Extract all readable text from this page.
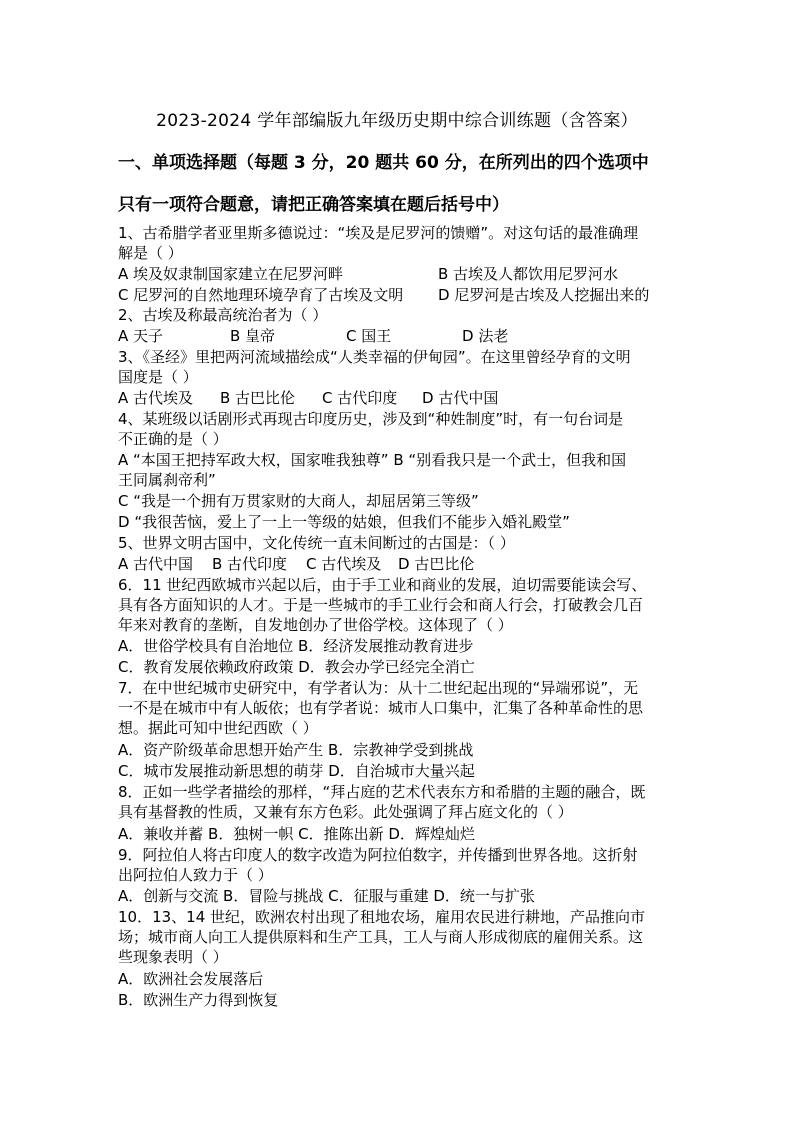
2023-2024 学年部编版九年级历史期中综合训练题（含答案）
一、单项选择题（每题 3 分，20 题共 60 分，在所列出的四个选项中
只有一项符合题意，请把正确答案填在题后括号中）
1、古希腊学者亚里斯多德说过：“埃及是尼罗河的馈赠”。对这句话的最准确理
解是（ ）
A 埃及奴隶制国家建立在尼罗河畔	B 古埃及人都饮用尼罗河水
C 尼罗河的自然地理环境孕育了古埃及文明 D 尼罗河是古埃及人挖掘出来的
2、古埃及称最高统治者为（ ）
A 天子	B 皇帝	C 国王	D 法老
3、《圣经》里把两河流域描绘成“人类幸福的伊甸园”。在这里曾经孕育的文明
国度是（ ）
A 古代埃及 B 古巴比伦 C 古代印度 D 古代中国
4、某班级以话剧形式再现古印度历史，涉及到“种姓制度”时，有一句台词是
不正确的是（ ）
A “本国王把持军政大权，国家唯我独尊” B “别看我只是一个武士，但我和国
王同属刹帝利”
C “我是一个拥有万贯家财的大商人，却屈居第三等级”
D “我很苦恼，爱上了一上一等级的姑娘，但我们不能步入婚礼殿堂”
5、世界文明古国中，文化传统一直未间断过的古国是：（ ）
A 古代中国 B 古代印度 C 古代埃及 D 古巴比伦
6．11 世纪西欧城市兴起以后，由于手工业和商业的发展，迫切需要能读会写、
具有各方面知识的人才。于是一些城市的手工业行会和商人行会，打破教会几百
年来对教育的垄断，自发地创办了世俗学校。这体现了（ ）
A．世俗学校具有自治地位 B．经济发展推动教育进步
C．教育发展依赖政府政策 D．教会办学已经完全消亡
7．在中世纪城市史研究中，有学者认为：从十二世纪起出现的“异端邪说”，无
一不是在城市中有人皈依；也有学者说：城市人口集中，汇集了各种革命性的思
想。据此可知中世纪西欧（ ）
A．资产阶级革命思想开始产生 B．宗教神学受到挑战
C．城市发展推动新思想的萌芽 D．自治城市大量兴起
8．正如一些学者描绘的那样，“拜占庭的艺术代表东方和希腊的主题的融合，既
具有基督教的性质，又兼有东方色彩。此处强调了拜占庭文化的（ ）
A．兼收并蓄 B．独树一帜 C．推陈出新 D．辉煌灿烂
9．阿拉伯人将古印度人的数字改造为阿拉伯数字，并传播到世界各地。这折射
出阿拉伯人致力于（ ）
A．创新与交流 B．冒险与挑战 C．征服与重建 D．统一与扩张
10．13、14 世纪，欧洲农村出现了租地农场，雇用农民进行耕地，产品推向市
场；城市商人向工人提供原料和生产工具，工人与商人形成彻底的雇佣关系。这
些现象表明（ ）
A．欧洲社会发展落后
B．欧洲生产力得到恢复
